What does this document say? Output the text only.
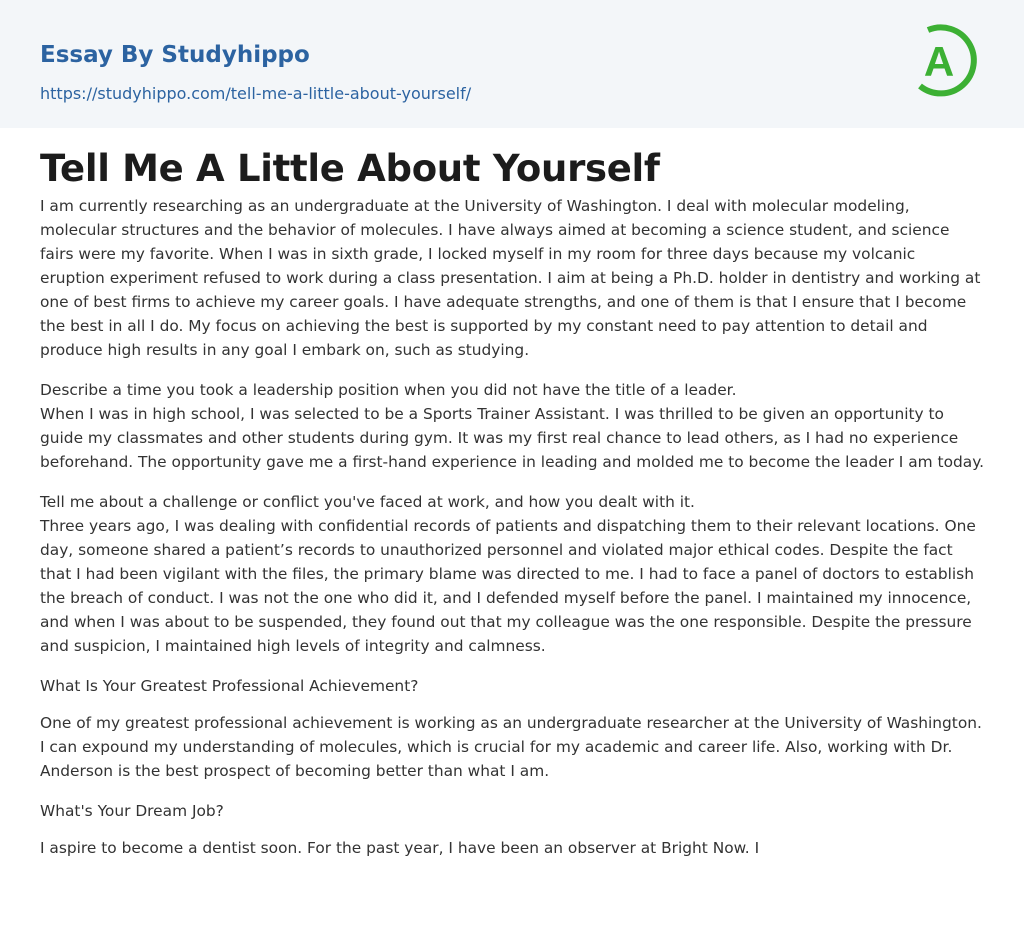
Essay By Studyhippo
https://studyhippo.com/tell-me-a-little-about-yourself/
A
Tell Me A Little About Yourself

I am currently researching as an undergraduate at the University of Washington. I deal with molecular modeling, molecular structures and the behavior of molecules. I have always aimed at becoming a science student, and science fairs were my favorite. When I was in sixth grade, I locked myself in my room for three days because my volcanic eruption experiment refused to work during a class presentation. I aim at being a Ph.D. holder in dentistry and working at one of best firms to achieve my career goals. I have adequate strengths, and one of them is that I ensure that I become the best in all I do. My focus on achieving the best is supported by my constant need to pay attention to detail and produce high results in any goal I embark on, such as studying.

Describe a time you took a leadership position when you did not have the title of a leader.

When I was in high school, I was selected to be a Sports Trainer Assistant. I was thrilled to be given an opportunity to guide my classmates and other students during gym. It was my first real chance to lead others, as I had no experience beforehand. The opportunity gave me a first-hand experience in leading and molded me to become the leader I am today.

Tell me about a challenge or conflict you've faced at work, and how you dealt with it.

Three years ago, I was dealing with confidential records of patients and dispatching them to their relevant locations. One day, someone shared a patient’s records to unauthorized personnel and violated major ethical codes. Despite the fact that I had been vigilant with the files, the primary blame was directed to me. I had to face a panel of doctors to establish the breach of conduct. I was not the one who did it, and I defended myself before the panel. I maintained my innocence, and when I was about to be suspended, they found out that my colleague was the one responsible. Despite the pressure and suspicion, I maintained high levels of integrity and calmness.

What Is Your Greatest Professional Achievement?

One of my greatest professional achievement is working as an undergraduate researcher at the University of Washington. I can expound my understanding of molecules, which is crucial for my academic and career life. Also, working with Dr. Anderson is the best prospect of becoming better than what I am.

What's Your Dream Job?

I aspire to become a dentist soon. For the past year, I have been an observer at Bright Now. I
